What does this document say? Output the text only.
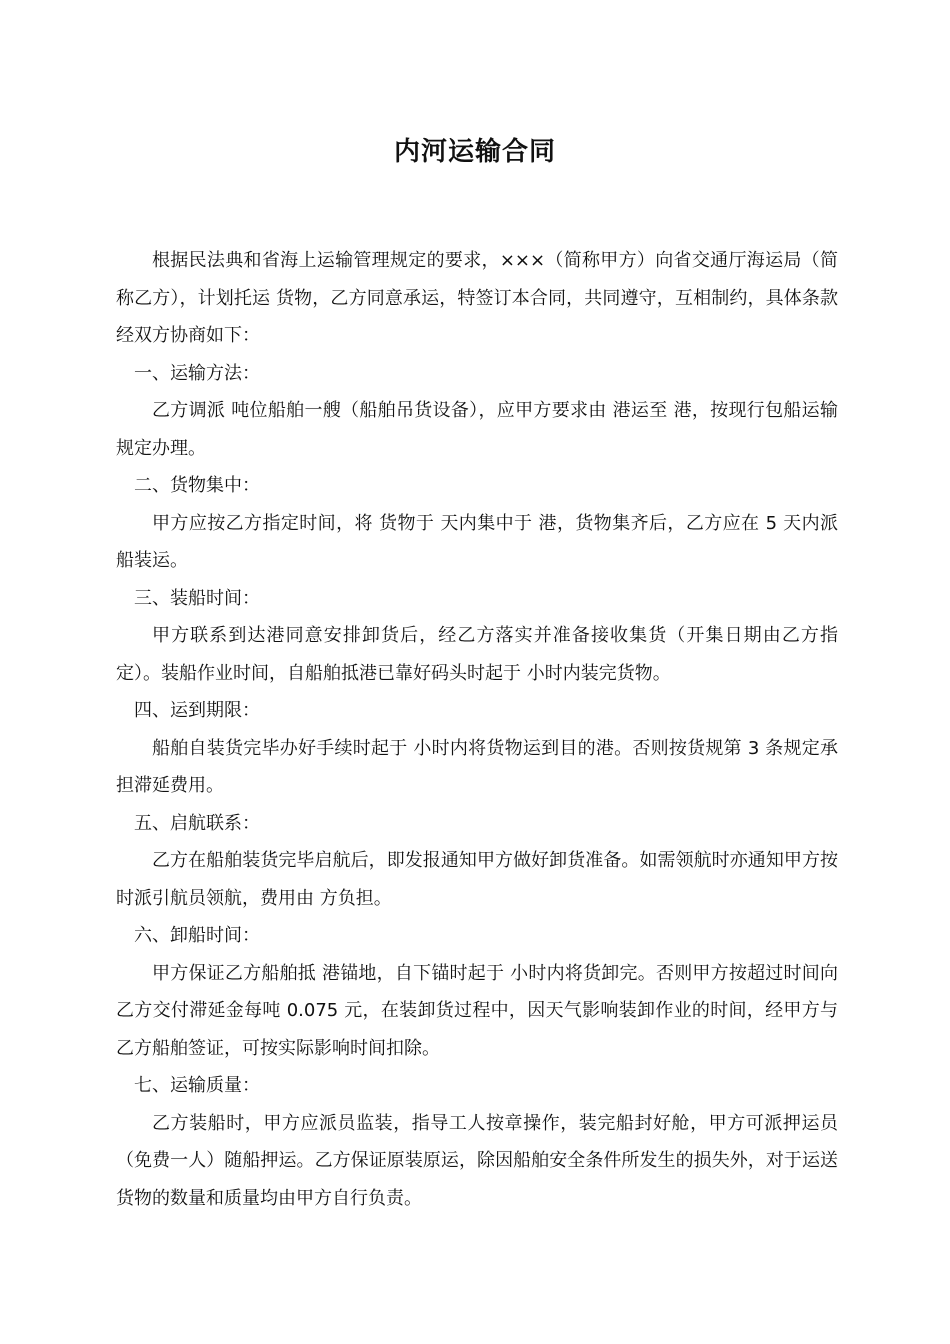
内河运输合同

根据民法典和省海上运输管理规定的要求，×××（简称甲方）向省交通厅海运局（简称乙方），计划托运 货物，乙方同意承运，特签订本合同，共同遵守，互相制约，具体条款经双方协商如下：

一、运输方法：

乙方调派 吨位船舶一艘（船舶吊货设备），应甲方要求由 港运至 港，按现行包船运输规定办理。

二、货物集中：

甲方应按乙方指定时间，将 货物于 天内集中于 港，货物集齐后，乙方应在 5 天内派船装运。

三、装船时间：

甲方联系到达港同意安排卸货后，经乙方落实并准备接收集货（开集日期由乙方指定）。装船作业时间，自船舶抵港已靠好码头时起于 小时内装完货物。

四、运到期限：

船舶自装货完毕办好手续时起于 小时内将货物运到目的港。否则按货规第 3 条规定承担滞延费用。

五、启航联系：

乙方在船舶装货完毕启航后，即发报通知甲方做好卸货准备。如需领航时亦通知甲方按时派引航员领航，费用由 方负担。

六、卸船时间：

甲方保证乙方船舶抵 港锚地，自下锚时起于 小时内将货卸完。否则甲方按超过时间向乙方交付滞延金每吨 0.075 元，在装卸货过程中，因天气影响装卸作业的时间，经甲方与乙方船舶签证，可按实际影响时间扣除。

七、运输质量：

乙方装船时，甲方应派员监装，指导工人按章操作，装完船封好舱，甲方可派押运员（免费一人）随船押运。乙方保证原装原运，除因船舶安全条件所发生的损失外，对于运送 货物的数量和质量均由甲方自行负责。
